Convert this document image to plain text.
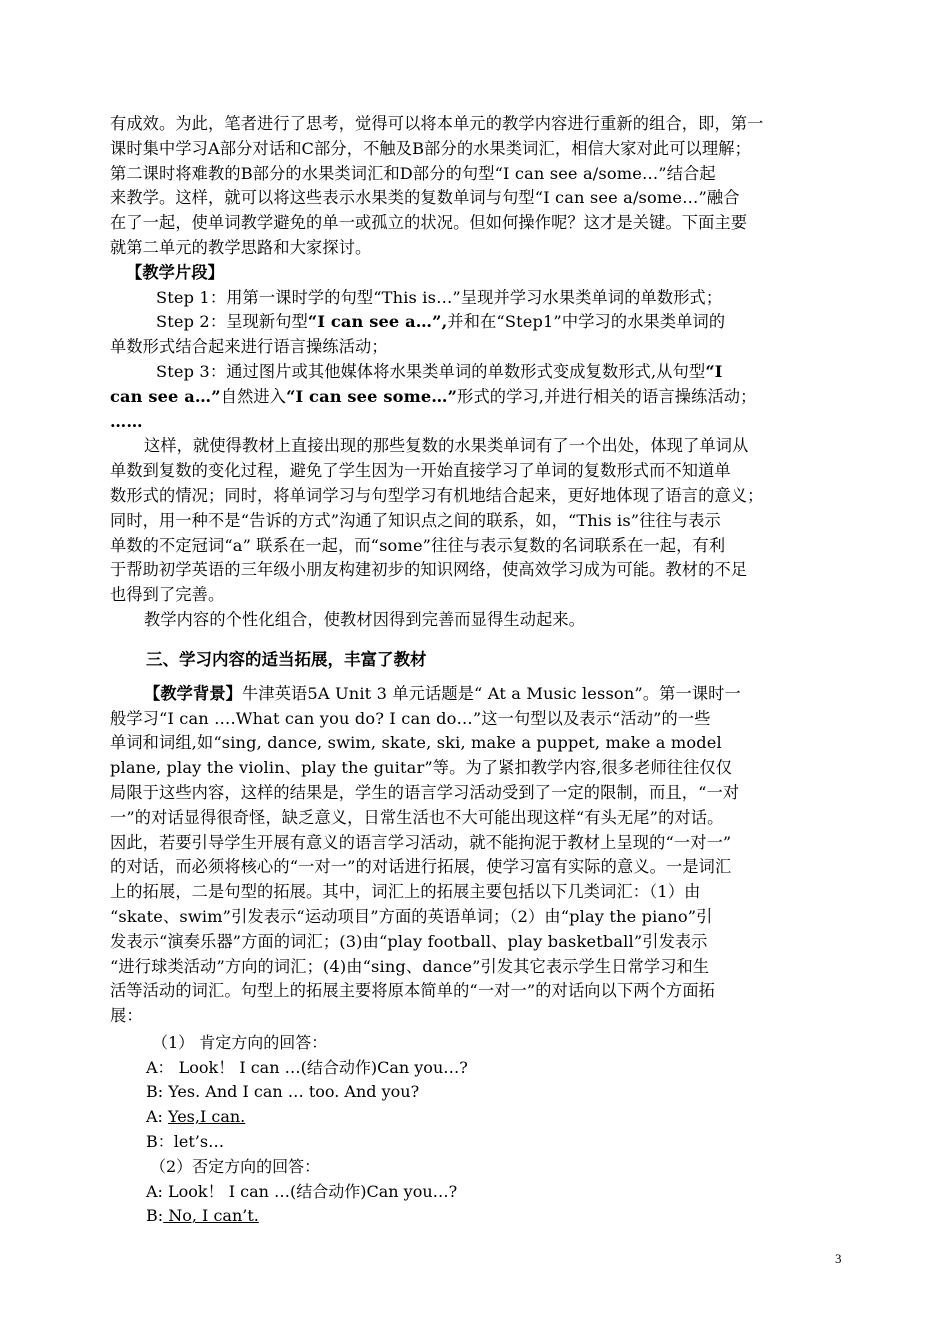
有成效。为此，笔者进行了思考，觉得可以将本单元的教学内容进行重新的组合，即，第一
课时集中学习A部分对话和C部分，不触及B部分的水果类词汇，相信大家对此可以理解；
第二课时将难教的B部分的水果类词汇和D部分的句型“I can see a/some…”结合起
来教学。这样，就可以将这些表示水果类的复数单词与句型“I can see a/some…”融合
在了一起，使单词教学避免的单一或孤立的状况。但如何操作呢？这才是关键。下面主要
就第二单元的教学思路和大家探讨。

【教学片段】

Step 1：用第一课时学的句型“This is…”呈现并学习水果类单词的单数形式；

Step 2：呈现新句型“I can see a…”,并和在“Step1”中学习的水果类单词的
单数形式结合起来进行语言操练活动；

Step 3：通过图片或其他媒体将水果类单词的单数形式变成复数形式,从句型“I
can see a…”自然进入“I can see some…”形式的学习,并进行相关的语言操练活动；
……

这样，就使得教材上直接出现的那些复数的水果类单词有了一个出处，体现了单词从
单数到复数的变化过程，避免了学生因为一开始直接学习了单词的复数形式而不知道单
数形式的情况；同时，将单词学习与句型学习有机地结合起来，更好地体现了语言的意义；
同时，用一种不是“告诉的方式”沟通了知识点之间的联系，如，“This is”往往与表示
单数的不定冠词“a” 联系在一起，而“some”往往与表示复数的名词联系在一起，有利
于帮助初学英语的三年级小朋友构建初步的知识网络，使高效学习成为可能。教材的不足
也得到了完善。

教学内容的个性化组合，使教材因得到完善而显得生动起来。

三、学习内容的适当拓展，丰富了教材

【教学背景】牛津英语5A Unit 3 单元话题是“ At a Music lesson”。第一课时一
般学习“I can ….What can you do? I can do…”这一句型以及表示“活动”的一些
单词和词组,如“sing, dance, swim, skate, ski, make a puppet, make a model
plane, play the violin、play the guitar”等。为了紧扣教学内容,很多老师往往仅仅
局限于这些内容，这样的结果是，学生的语言学习活动受到了一定的限制，而且，“一对
一”的对话显得很奇怪，缺乏意义，日常生活也不大可能出现这样“有头无尾”的对话。
因此，若要引导学生开展有意义的语言学习活动，就不能拘泥于教材上呈现的“一对一”
的对话，而必须将核心的“一对一”的对话进行拓展，使学习富有实际的意义。一是词汇
上的拓展，二是句型的拓展。其中，词汇上的拓展主要包括以下几类词汇：（1）由
“skate、swim”引发表示“运动项目”方面的英语单词；（2）由“play the piano”引
发表示“演奏乐器”方面的词汇；(3)由“play football、play basketball”引发表示
“进行球类活动”方向的词汇；(4)由“sing、dance”引发其它表示学生日常学习和生
活等活动的词汇。句型上的拓展主要将原本简单的“一对一”的对话向以下两个方面拓
展：

（1） 肯定方向的回答：

A： Look！ I can …(结合动作)Can you…?

B: Yes. And I can … too. And you?

A: Yes,I can.

B：let’s…

（2）否定方向的回答：

A: Look！ I can …(结合动作)Can you…?

B: No, I can’t.

3
